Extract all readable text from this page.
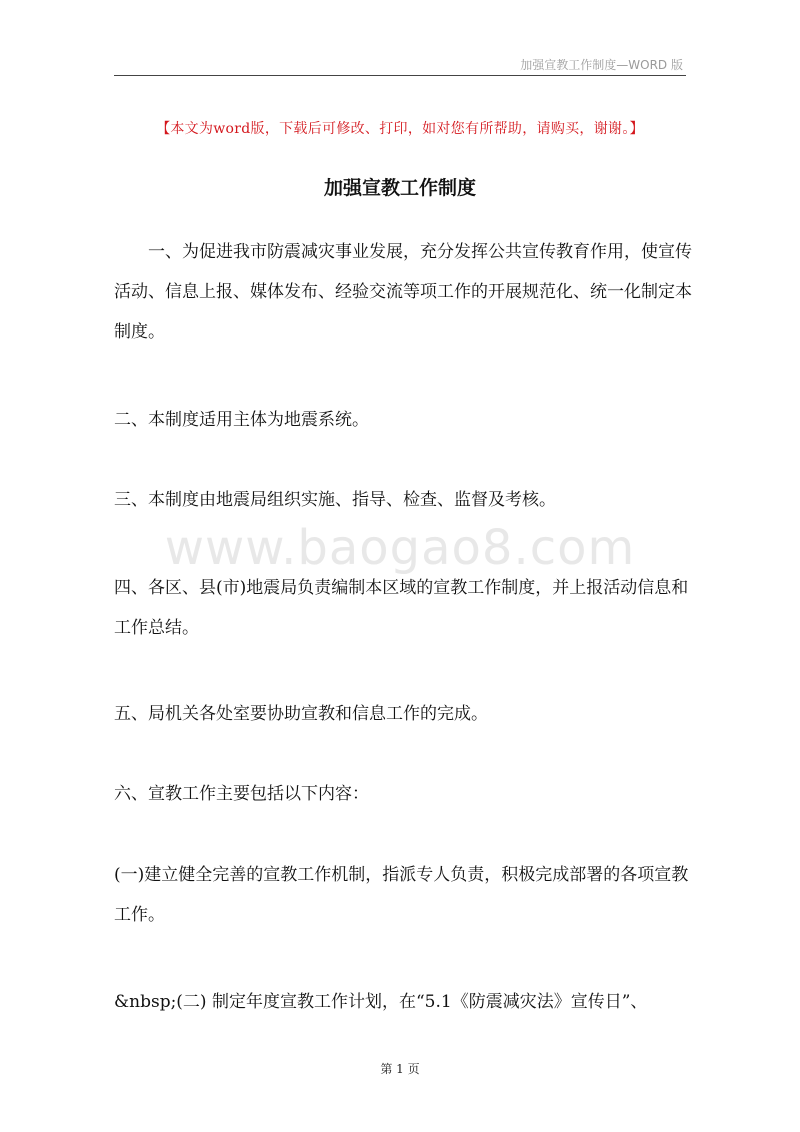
加强宣教工作制度—WORD 版
【本文为word版，下载后可修改、打印，如对您有所帮助，请购买，谢谢。】
加强宣教工作制度

一、为促进我市防震减灾事业发展，充分发挥公共宣传教育作用，使宣传活动、信息上报、媒体发布、经验交流等项工作的开展规范化、统一化制定本制度。

二、本制度适用主体为地震系统。

三、本制度由地震局组织实施、指导、检查、监督及考核。

www.baogao8.com

四、各区、县(市)地震局负责编制本区域的宣教工作制度，并上报活动信息和工作总结。

五、局机关各处室要协助宣教和信息工作的完成。

六、宣教工作主要包括以下内容：

(一)建立健全完善的宣教工作机制，指派专人负责，积极完成部署的各项宣教工作。

&nbsp;(二) 制定年度宣教工作计划，在“5.1《防震减灾法》宣传日”、

第 1 页
